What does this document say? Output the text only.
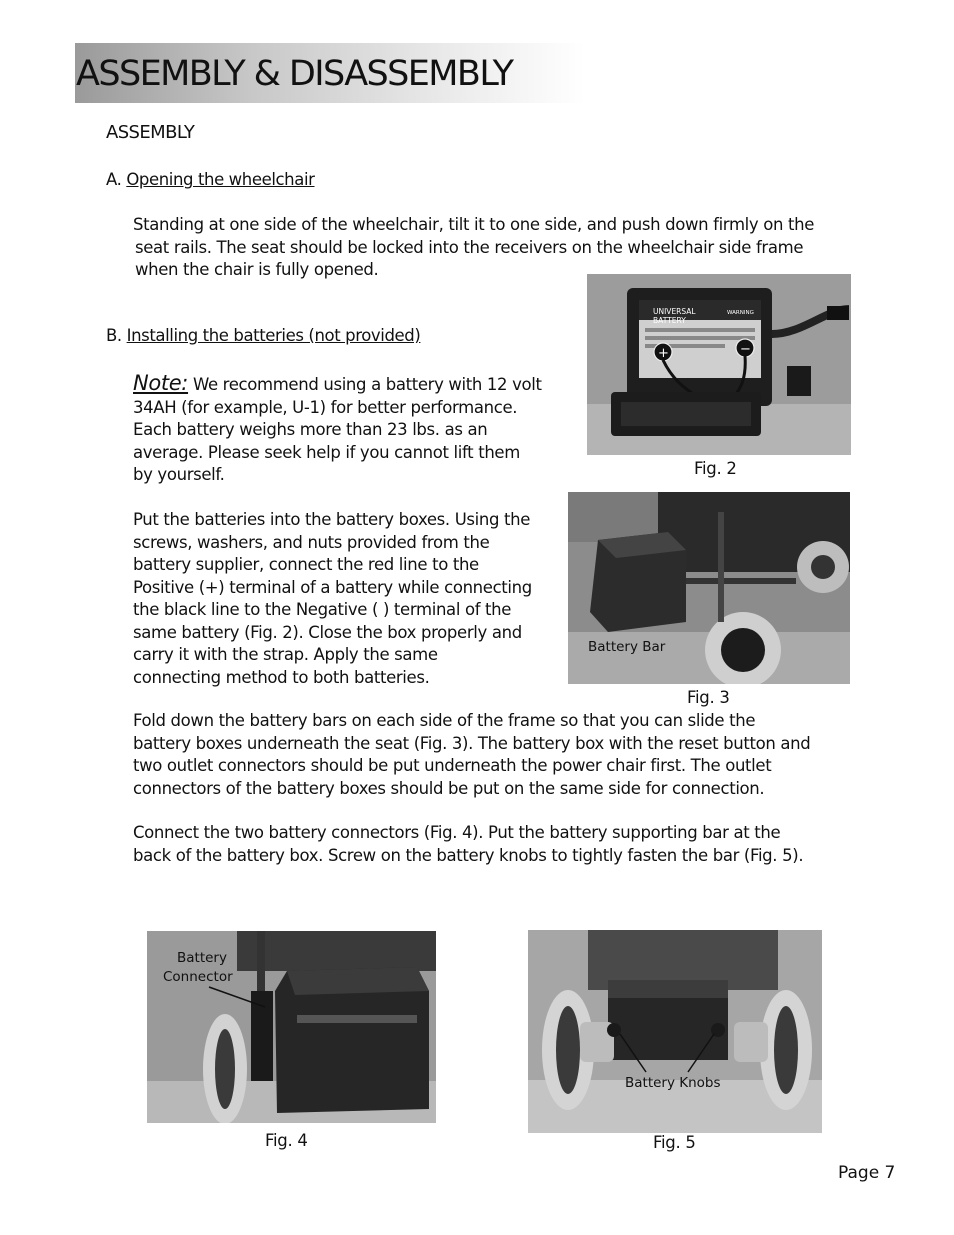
ASSEMBLY & DISASSEMBLY
ASSEMBLY
A. Opening the wheelchair
Standing at one side of the wheelchair, tilt it to one side, and push down firmly on the
seat rails. The seat should be locked into the receivers on the wheelchair side frame
when the chair is fully opened.
B. Installing the batteries (not provided)
Note: We recommend using a battery with 12 volt
34AH (for example, U-1) for better performance.
Each battery weighs more than 23 lbs. as an
average. Please seek help if you cannot lift them
by yourself.
Put the batteries into the battery boxes. Using the
screws, washers, and nuts provided from the
battery supplier, connect the red line to the
Positive (+) terminal of a battery while connecting
the black line to the Negative ( ) terminal of the
same battery (Fig. 2). Close the box properly and
carry it with the strap. Apply the same
connecting method to both batteries.
Fold down the battery bars on each side of the frame so that you can slide the
battery boxes underneath the seat (Fig. 3). The battery box with the reset button and
two outlet connectors should be put underneath the power chair first. The outlet
connectors of the battery boxes should be put on the same side for connection.
Connect the two battery connectors (Fig. 4). Put the battery supporting bar at the
back of the battery box. Screw on the battery knobs to tightly fasten the bar (Fig. 5).
UNIVERSAL
BATTERY
WARNING
+	−
Fig. 2
Battery Bar
Fig. 3
Battery
Connector
Fig. 4
Battery Knobs
Fig. 5
Page 7
